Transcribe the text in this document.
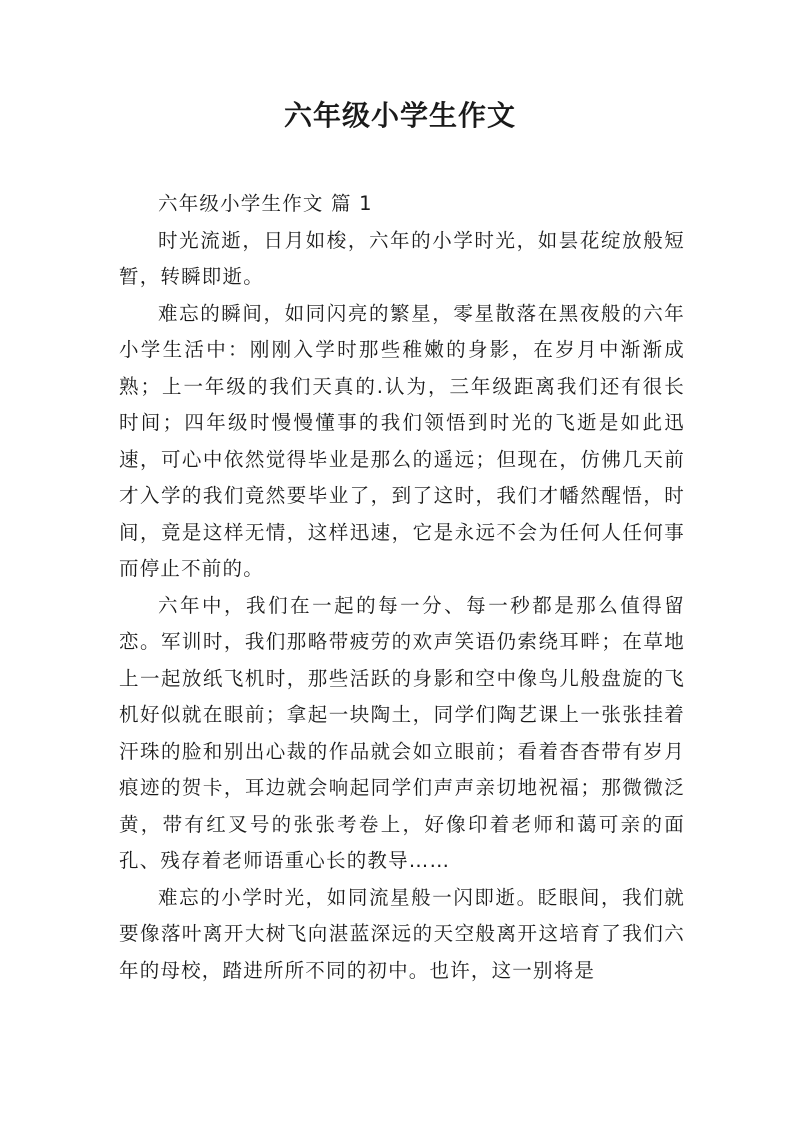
六年级小学生作文

六年级小学生作文 篇 1

时光流逝，日月如梭，六年的小学时光，如昙花绽放般短暂，转瞬即逝。

难忘的瞬间，如同闪亮的繁星，零星散落在黑夜般的六年小学生活中：刚刚入学时那些稚嫩的身影，在岁月中渐渐成熟；上一年级的我们天真的.认为，三年级距离我们还有很长时间；四年级时慢慢懂事的我们领悟到时光的飞逝是如此迅速，可心中依然觉得毕业是那么的遥远；但现在，仿佛几天前才入学的我们竟然要毕业了，到了这时，我们才幡然醒悟，时间，竟是这样无情，这样迅速，它是永远不会为任何人任何事而停止不前的。

六年中，我们在一起的每一分、每一秒都是那么值得留恋。军训时，我们那略带疲劳的欢声笑语仍索绕耳畔；在草地上一起放纸飞机时，那些活跃的身影和空中像鸟儿般盘旋的飞机好似就在眼前；拿起一块陶土，同学们陶艺课上一张张挂着汗珠的脸和别出心裁的作品就会如立眼前；看着杳杳带有岁月痕迹的贺卡，耳边就会响起同学们声声亲切地祝福；那微微泛黄，带有红叉号的张张考卷上，好像印着老师和蔼可亲的面孔、残存着老师语重心长的教导……

难忘的小学时光，如同流星般一闪即逝。眨眼间，我们就要像落叶离开大树飞向湛蓝深远的天空般离开这培育了我们六年的母校，踏进所所不同的初中。也许，这一别将是
